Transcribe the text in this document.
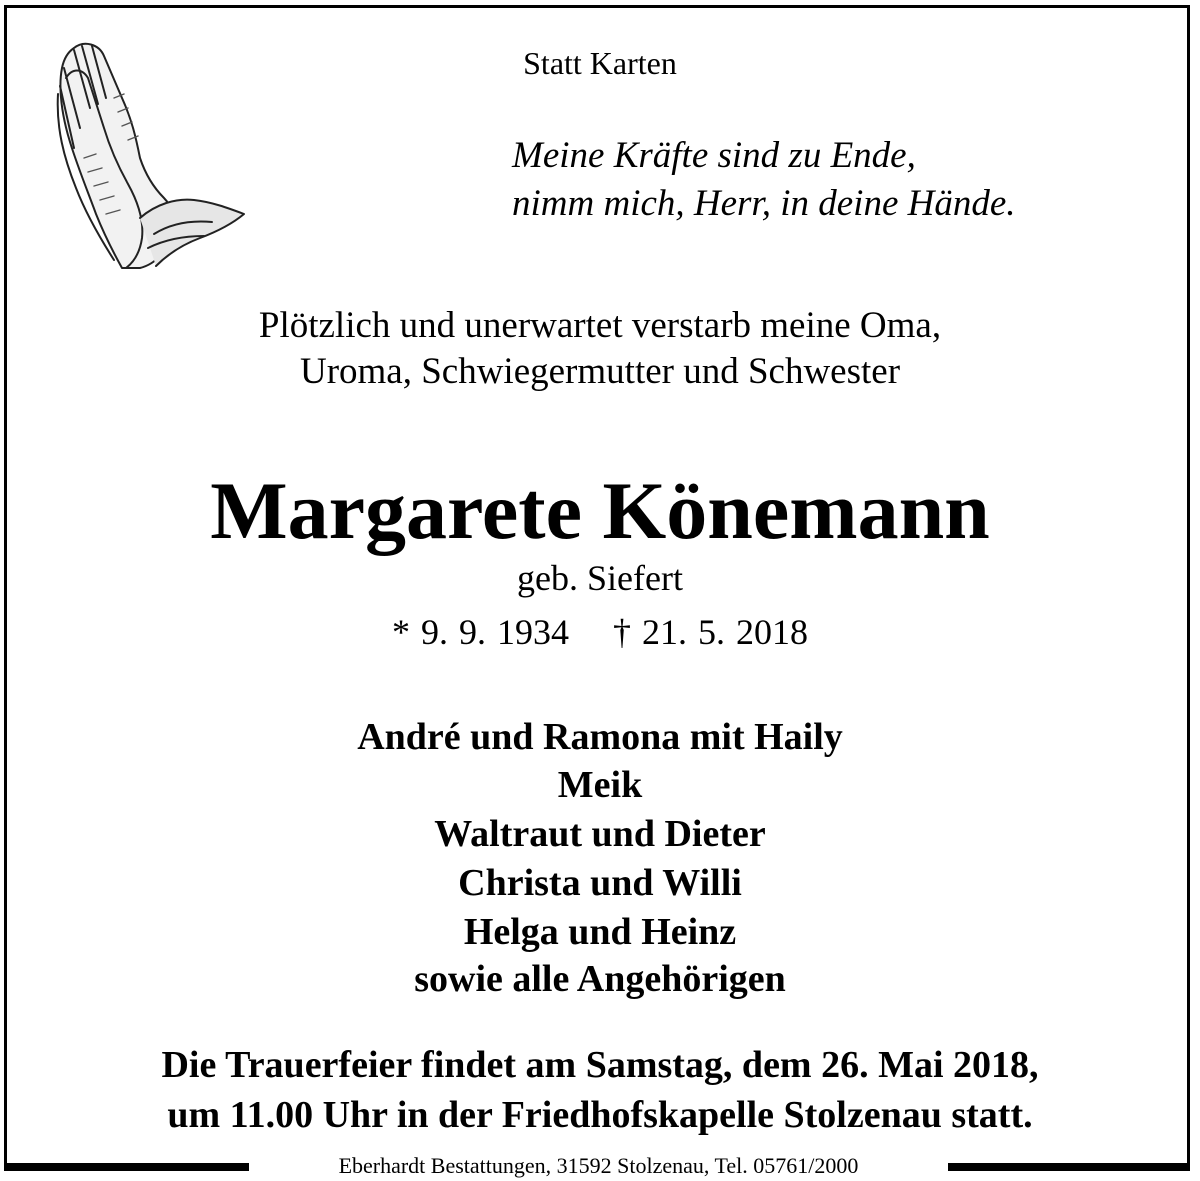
Statt Karten
Meine Kräfte sind zu Ende,
nimm mich, Herr, in deine Hände.
Plötzlich und unerwartet verstarb meine Oma,
Uroma, Schwiegermutter und Schwester
Margarete Könemann
geb. Siefert
* 9. 9. 1934 † 21. 5. 2018
André und Ramona mit Haily
Meik
Waltraut und Dieter
Christa und Willi
Helga und Heinz
sowie alle Angehörigen
Die Trauerfeier findet am Samstag, dem 26. Mai 2018,
um 11.00 Uhr in der Friedhofskapelle Stolzenau statt.
Eberhardt Bestattungen, 31592 Stolzenau, Tel. 05761/2000
